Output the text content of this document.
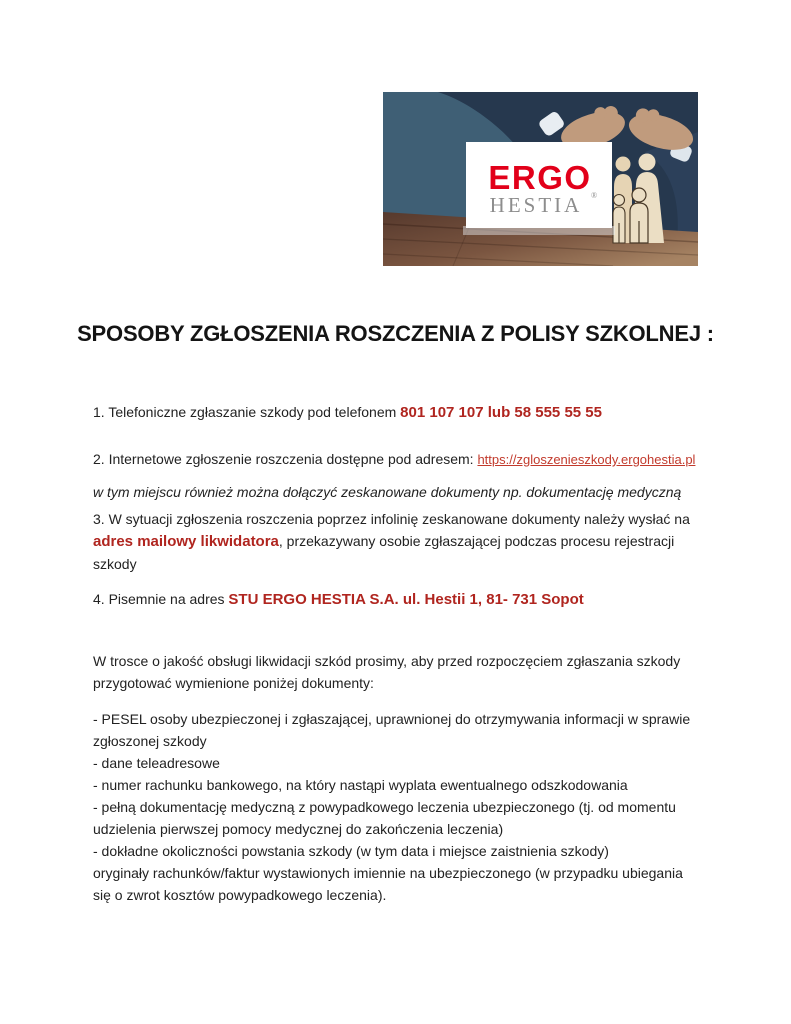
ERGO
HESTIA ®
SPOSOBY ZGŁOSZENIA ROSZCZENIA Z POLISY SZKOLNEJ :

1. Telefoniczne zgłaszanie szkody pod telefonem 801 107 107 lub 58 555 55 55

2. Internetowe zgłoszenie roszczenia dostępne pod adresem: https://zgloszenieszkody.ergohestia.pl

w tym miejscu również można dołączyć zeskanowane dokumenty np. dokumentację medyczną

3. W sytuacji zgłoszenia roszczenia poprzez infolinię zeskanowane dokumenty należy wysłać na
adres mailowy likwidatora, przekazywany osobie zgłaszającej podczas procesu rejestracji
szkody

4. Pisemnie na adres STU ERGO HESTIA S.A. ul. Hestii 1, 81- 731 Sopot

W trosce o jakość obsługi likwidacji szkód prosimy, aby przed rozpoczęciem zgłaszania szkody
przygotować wymienione poniżej dokumenty:
- PESEL osoby ubezpieczonej i zgłaszającej, uprawnionej do otrzymywania informacji w sprawie
zgłoszonej szkody
- dane teleadresowe
- numer rachunku bankowego, na który nastąpi wyplata ewentualnego odszkodowania
- pełną dokumentację medyczną z powypadkowego leczenia ubezpieczonego (tj. od momentu
udzielenia pierwszej pomocy medycznej do zakończenia leczenia)
- dokładne okoliczności powstania szkody (w tym data i miejsce zaistnienia szkody)
oryginały rachunków/faktur wystawionych imiennie na ubezpieczonego (w przypadku ubiegania
się o zwrot kosztów powypadkowego leczenia).
